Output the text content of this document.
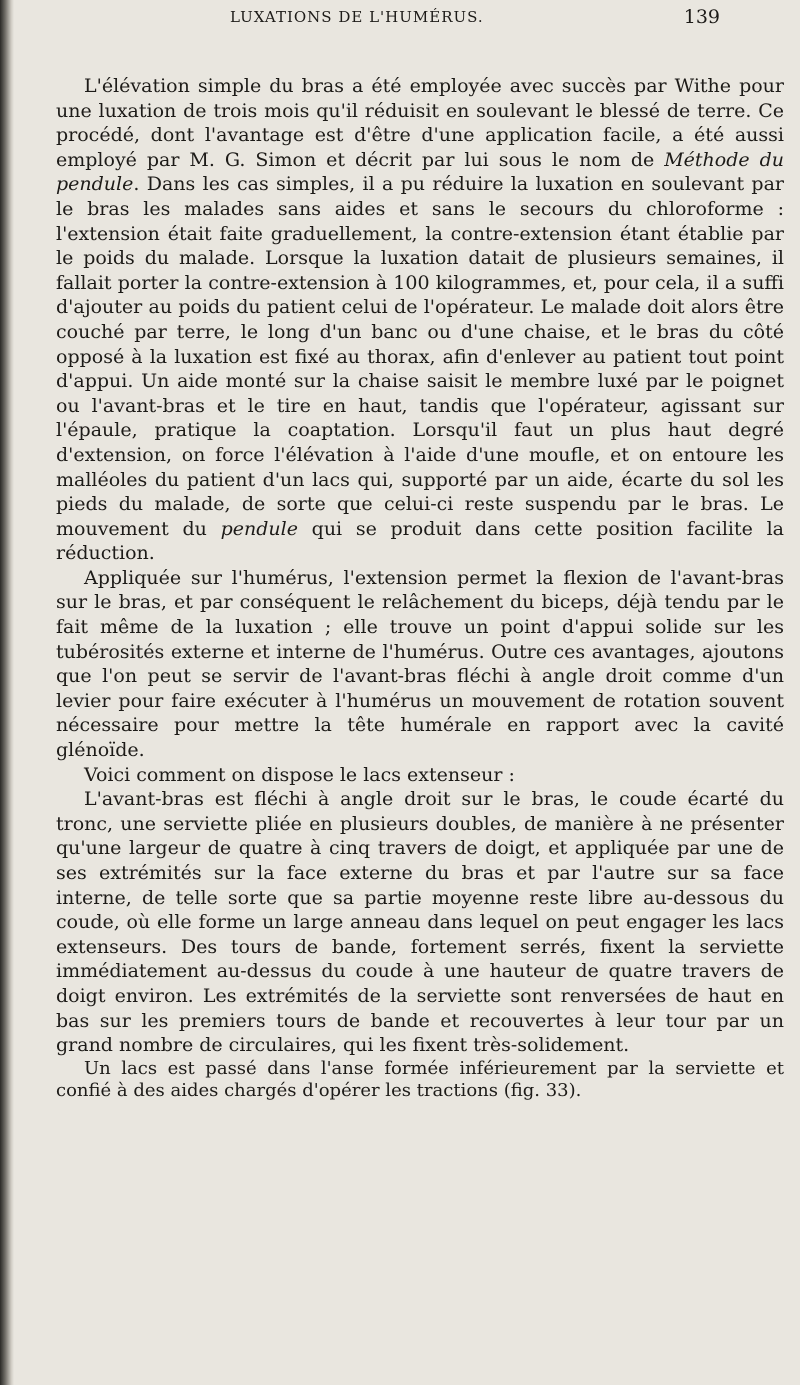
LUXATIONS DE L'HUMÉRUS.	139

L'élévation simple du bras a été employée avec succès par Withe pour une luxation de trois mois qu'il réduisit en soulevant le blessé de terre. Ce procédé, dont l'avantage est d'être d'une application facile, a été aussi employé par M. G. Simon et décrit par lui sous le nom de Méthode du pendule. Dans les cas simples, il a pu réduire la luxation en soulevant par le bras les malades sans aides et sans le secours du chloroforme : l'extension était faite graduellement, la contre-extension étant établie par le poids du malade. Lorsque la luxation datait de plusieurs semaines, il fallait porter la contre-extension à 100 kilogrammes, et, pour cela, il a suffi d'ajouter au poids du patient celui de l'opérateur. Le malade doit alors être couché par terre, le long d'un banc ou d'une chaise, et le bras du côté opposé à la luxation est fixé au thorax, afin d'enlever au patient tout point d'appui. Un aide monté sur la chaise saisit le membre luxé par le poignet ou l'avant-bras et le tire en haut, tandis que l'opérateur, agissant sur l'épaule, pratique la coaptation. Lorsqu'il faut un plus haut degré d'extension, on force l'élévation à l'aide d'une moufle, et on entoure les malléoles du patient d'un lacs qui, supporté par un aide, écarte du sol les pieds du malade, de sorte que celui-ci reste suspendu par le bras. Le mouvement du pendule qui se produit dans cette position facilite la réduction.

Appliquée sur l'humérus, l'extension permet la flexion de l'avant-bras sur le bras, et par conséquent le relâchement du biceps, déjà tendu par le fait même de la luxation ; elle trouve un point d'appui solide sur les tubérosités externe et interne de l'humérus. Outre ces avantages, ajoutons que l'on peut se servir de l'avant-bras fléchi à angle droit comme d'un levier pour faire exécuter à l'humérus un mouvement de rotation souvent nécessaire pour mettre la tête humérale en rapport avec la cavité glénoïde.

Voici comment on dispose le lacs extenseur :

L'avant-bras est fléchi à angle droit sur le bras, le coude écarté du tronc, une serviette pliée en plusieurs doubles, de manière à ne présenter qu'une largeur de quatre à cinq travers de doigt, et appliquée par une de ses extrémités sur la face externe du bras et par l'autre sur sa face interne, de telle sorte que sa partie moyenne reste libre au-dessous du coude, où elle forme un large anneau dans lequel on peut engager les lacs extenseurs. Des tours de bande, fortement serrés, fixent la serviette immédiatement au-dessus du coude à une hauteur de quatre travers de doigt environ. Les extrémités de la serviette sont renversées de haut en bas sur les premiers tours de bande et recouvertes à leur tour par un grand nombre de circulaires, qui les fixent très-solidement.

Un lacs est passé dans l'anse formée inférieurement par la serviette et confié à des aides chargés d'opérer les tractions (fig. 33).
